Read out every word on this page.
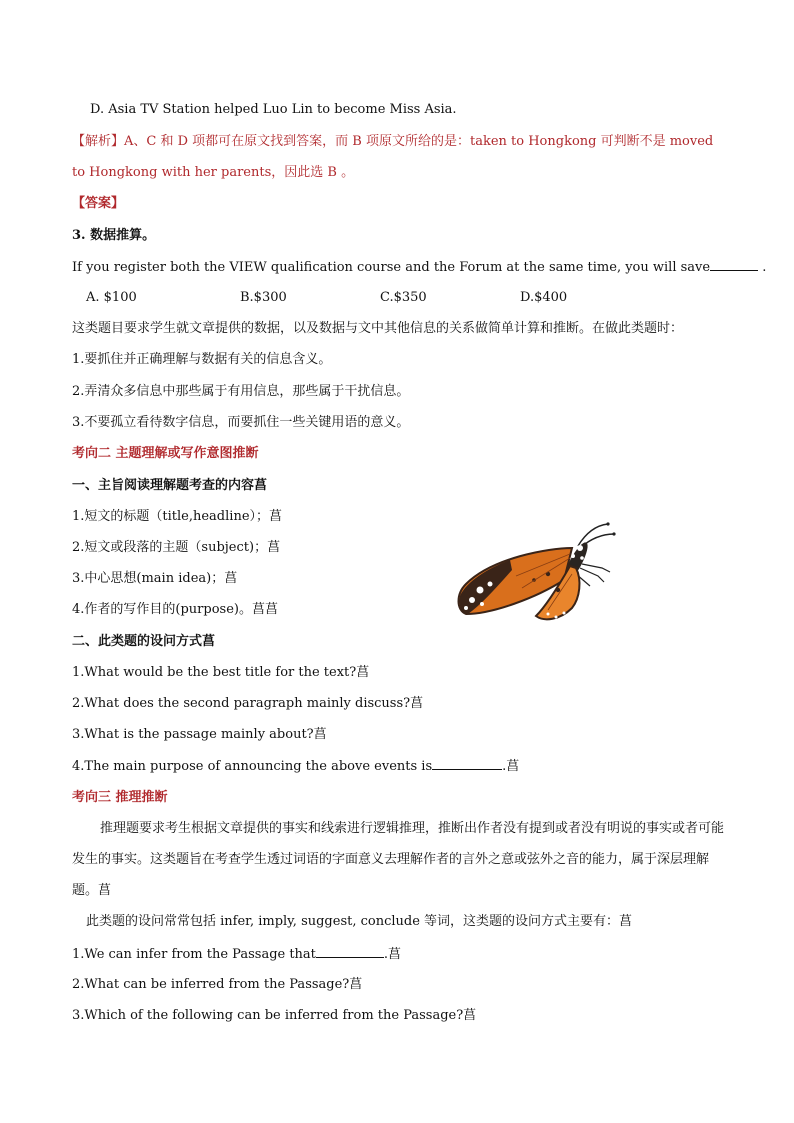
D. Asia TV Station helped Luo Lin to become Miss Asia.
【解析】A、C 和 D 项都可在原文找到答案，而 B 项原文所给的是：taken to Hongkong 可判断不是 moved
to Hongkong with her parents，因此选 B 。
【答案】
3. 数据推算。
If you register both the VIEW qualification course and the Forum at the same time, you will save	.
A. $100	B.$300	C.$350	D.$400
这类题目要求学生就文章提供的数据，以及数据与文中其他信息的关系做简单计算和推断。在做此类题时：
1.要抓住并正确理解与数据有关的信息含义。
2.弄清众多信息中那些属于有用信息，那些属于干扰信息。
3.不要孤立看待数字信息，而要抓住一些关键用语的意义。
考向二 主题理解或写作意图推断
一、主旨阅读理解题考查的内容菖
1.短文的标题（title,headline）；菖
2.短文或段落的主题（subject)；菖
3.中心思想(main idea)；菖
4.作者的写作目的(purpose)。菖菖
二、此类题的设问方式菖
1.What would be the best title for the text?菖
2.What does the second paragraph mainly discuss?菖
3.What is the passage mainly about?菖
4.The main purpose of announcing the above events is	.菖
考向三 推理推断
推理题要求考生根据文章提供的事实和线索进行逻辑推理，推断出作者没有提到或者没有明说的事实或者可能发生的事实。这类题旨在考查学生透过词语的字面意义去理解作者的言外之意或弦外之音的能力，属于深层理解题。菖
此类题的设问常常包括 infer, imply, suggest, conclude 等词，这类题的设问方式主要有：菖
1.We can infer from the Passage that	.菖
2.What can be inferred from the Passage?菖
3.Which of the following can be inferred from the Passage?菖
